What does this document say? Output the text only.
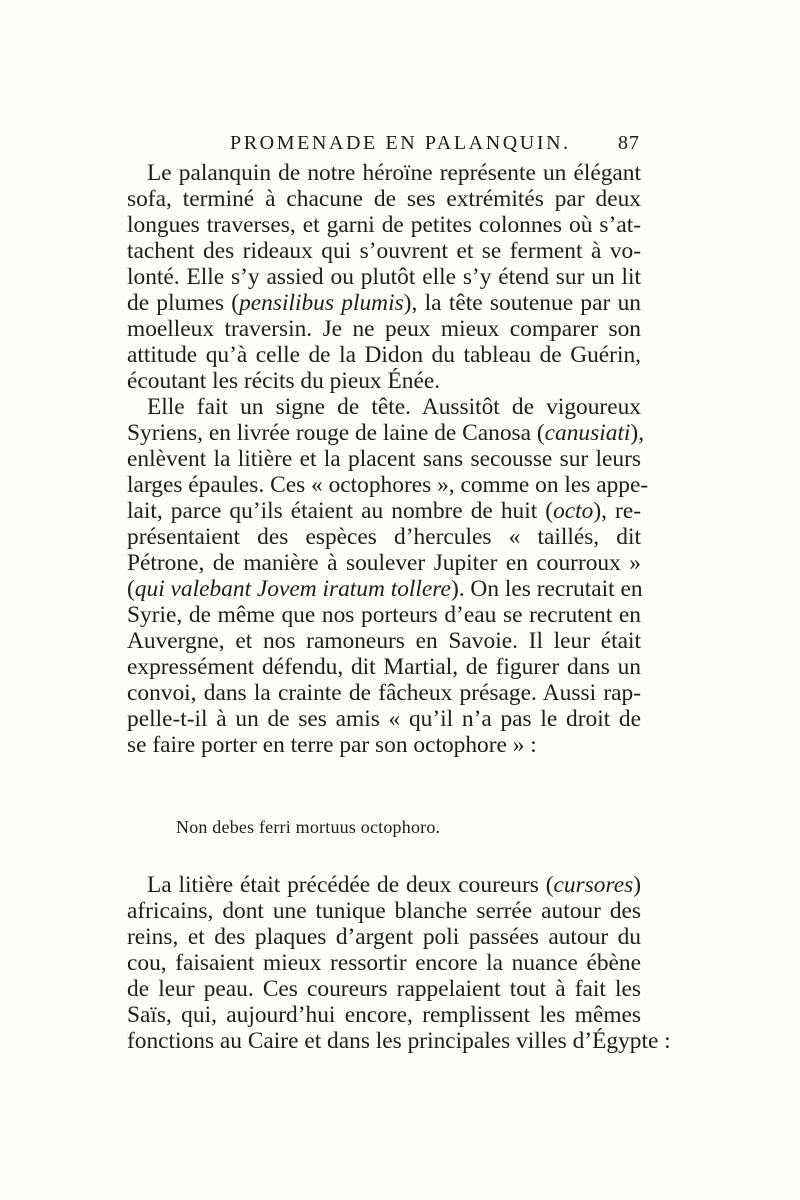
PROMENADE EN PALANQUIN. 87
Le palanquin de notre héroïne représente un élégant
sofa, terminé à chacune de ses extrémités par deux
longues traverses, et garni de petites colonnes où s’at-
tachent des rideaux qui s’ouvrent et se ferment à vo-
lonté. Elle s’y assied ou plutôt elle s’y étend sur un lit
de plumes (pensilibus plumis), la tête soutenue par un
moelleux traversin. Je ne peux mieux comparer son
attitude qu’à celle de la Didon du tableau de Guérin,
écoutant les récits du pieux Énée.
Elle fait un signe de tête. Aussitôt de vigoureux
Syriens, en livrée rouge de laine de Canosa (canusiati),
enlèvent la litière et la placent sans secousse sur leurs
larges épaules. Ces « octophores », comme on les appe-
lait, parce qu’ils étaient au nombre de huit (octo), re-
présentaient des espèces d’hercules « taillés, dit
Pétrone, de manière à soulever Jupiter en courroux »
(qui valebant Jovem iratum tollere). On les recrutait en
Syrie, de même que nos porteurs d’eau se recrutent en
Auvergne, et nos ramoneurs en Savoie. Il leur était
expressément défendu, dit Martial, de figurer dans un
convoi, dans la crainte de fâcheux présage. Aussi rap-
pelle-t-il à un de ses amis « qu’il n’a pas le droit de
se faire porter en terre par son octophore » :
Non debes ferri mortuus octophoro.
La litière était précédée de deux coureurs (cursores)
africains, dont une tunique blanche serrée autour des
reins, et des plaques d’argent poli passées autour du
cou, faisaient mieux ressortir encore la nuance ébène
de leur peau. Ces coureurs rappelaient tout à fait les
Saïs, qui, aujourd’hui encore, remplissent les mêmes
fonctions au Caire et dans les principales villes d’Égypte :
